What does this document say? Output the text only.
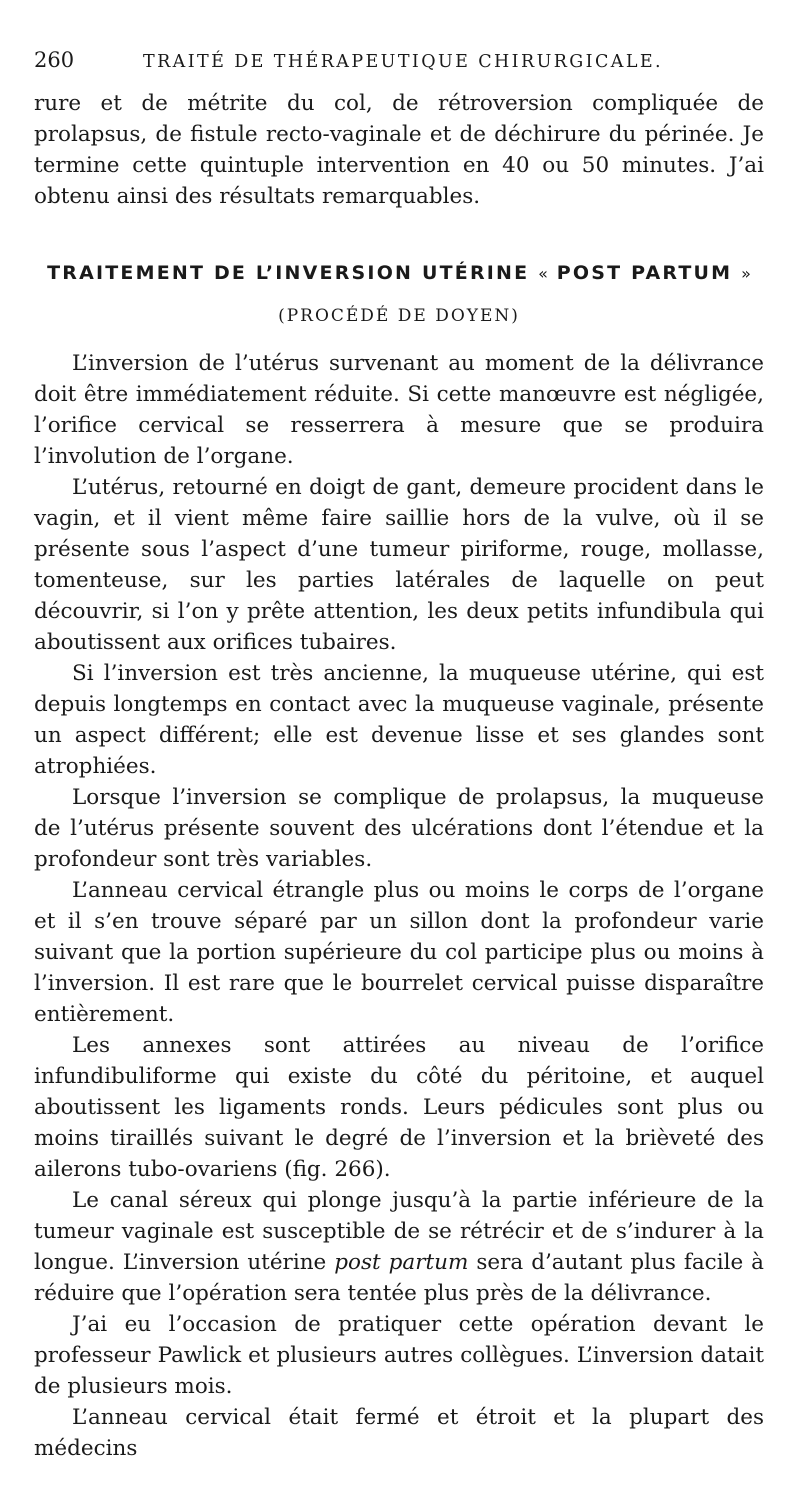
260	TRAITÉ DE THÉRAPEUTIQUE CHIRURGICALE.

rure et de métrite du col, de rétroversion compliquée de prolapsus, de fistule recto-vaginale et de déchirure du périnée. Je termine cette quintuple intervention en 40 ou 50 minutes. J’ai obtenu ainsi des résultats remarquables.

TRAITEMENT DE L’INVERSION UTÉRINE « POST PARTUM »
(PROCÉDÉ DE DOYEN)

L’inversion de l’utérus survenant au moment de la délivrance doit être immédiatement réduite. Si cette manœuvre est négligée, l’orifice cervical se resserrera à mesure que se produira l’involution de l’organe.

L’utérus, retourné en doigt de gant, demeure procident dans le vagin, et il vient même faire saillie hors de la vulve, où il se présente sous l’aspect d’une tumeur piriforme, rouge, mollasse, tomenteuse, sur les parties latérales de laquelle on peut découvrir, si l’on y prête attention, les deux petits infundibula qui aboutissent aux orifices tubaires.

Si l’inversion est très ancienne, la muqueuse utérine, qui est depuis longtemps en contact avec la muqueuse vaginale, présente un aspect différent; elle est devenue lisse et ses glandes sont atrophiées.

Lorsque l’inversion se complique de prolapsus, la muqueuse de l’utérus présente souvent des ulcérations dont l’étendue et la profondeur sont très variables.

L’anneau cervical étrangle plus ou moins le corps de l’organe et il s’en trouve séparé par un sillon dont la profondeur varie suivant que la portion supérieure du col participe plus ou moins à l’inversion. Il est rare que le bourrelet cervical puisse disparaître entièrement.

Les annexes sont attirées au niveau de l’orifice infundibuliforme qui existe du côté du péritoine, et auquel aboutissent les ligaments ronds. Leurs pédicules sont plus ou moins tiraillés suivant le degré de l’inversion et la brièveté des ailerons tubo-ovariens (fig. 266).

Le canal séreux qui plonge jusqu’à la partie inférieure de la tumeur vaginale est susceptible de se rétrécir et de s’indurer à la longue. L’inversion utérine post partum sera d’autant plus facile à réduire que l’opération sera tentée plus près de la délivrance.

J’ai eu l’occasion de pratiquer cette opération devant le professeur Pawlick et plusieurs autres collègues. L’inversion datait de plusieurs mois.

L’anneau cervical était fermé et étroit et la plupart des médecins
